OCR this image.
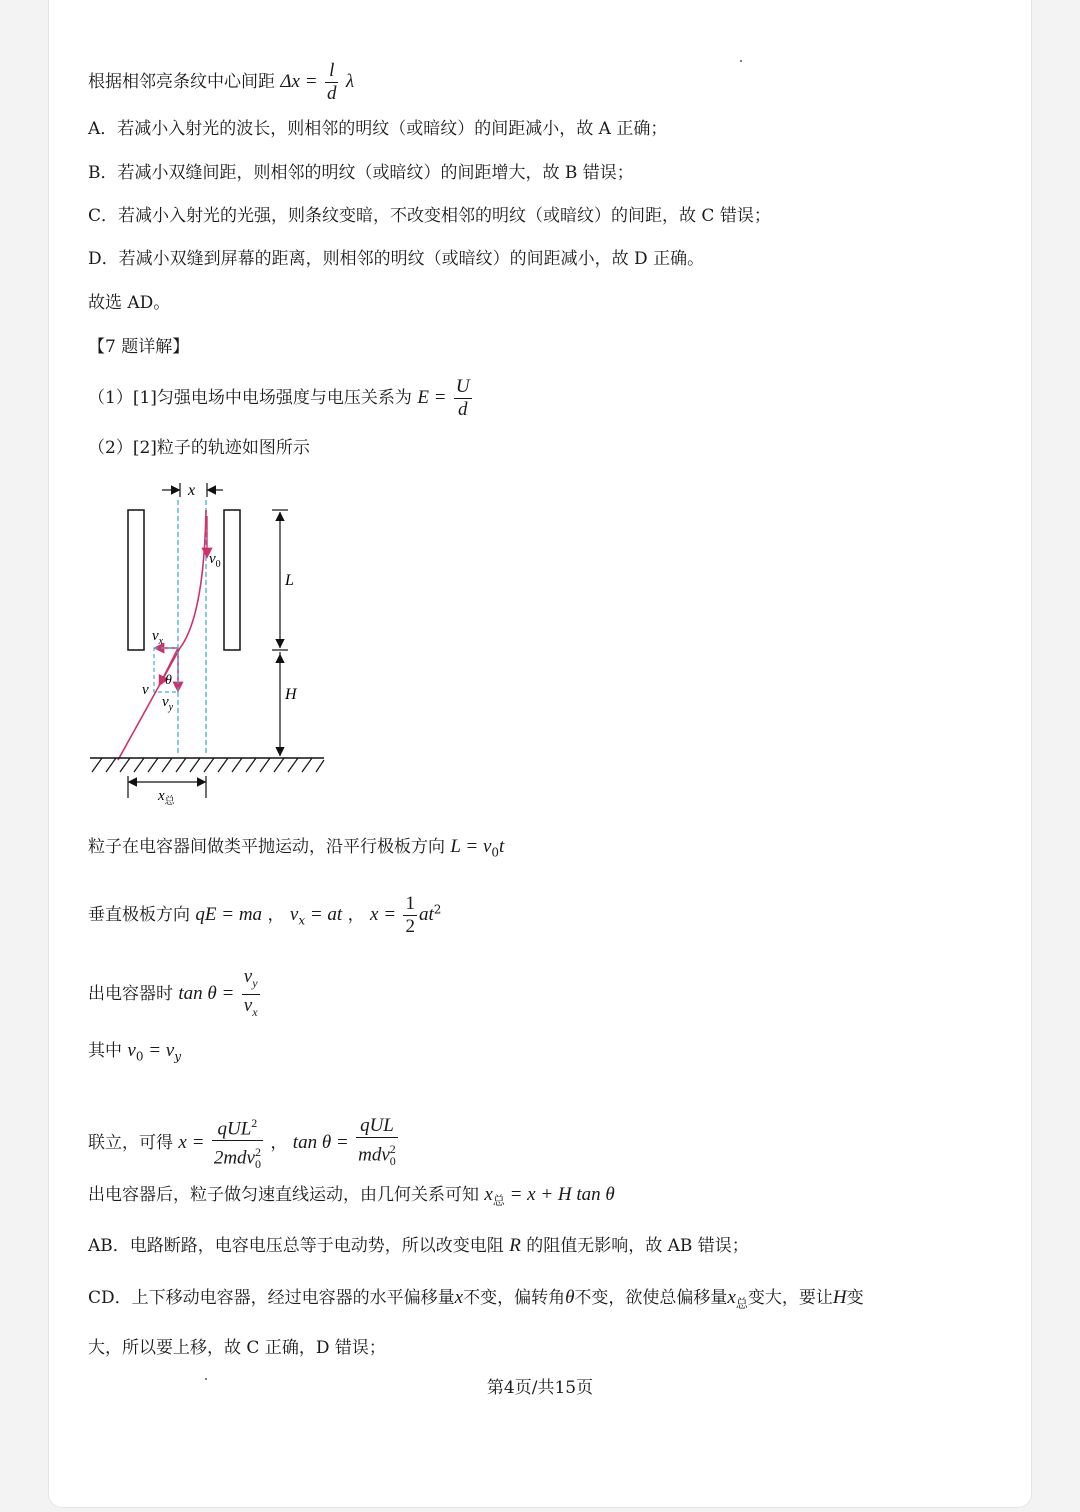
根据相邻亮条纹中心间距 $\Delta x = \frac{l}{d}$ λ
A．若减小入射光的波长，则相邻的明纹（或暗纹）的间距减小，故 A 正确；
B．若减小双缝间距，则相邻的明纹（或暗纹）的间距增大，故 B 错误；
C．若减小入射光的光强，则条纹变暗，不改变相邻的明纹（或暗纹）的间距，故 C 错误；
D．若减小双缝到屏幕的距离，则相邻的明纹（或暗纹）的间距减小，故 D 正确。
故选 AD。
【7 题详解】
（1）[1]匀强电场中电场强度与电压关系为 $E = \frac{U}{d}$
（2）[2]粒子的轨迹如图所示
x
$v_0$
$v_x$
θ
v
$v_y$
L
H
$x_总$
粒子在电容器间做类平抛运动，沿平行极板方向 $L = v_0t$
垂直极板方向 qE = ma ， $v_x$ = at ， $x = \frac{1}{2} at^2$
出电容器时 $\tan \theta = \frac{v_y}{v_x}$
其中 $v_0 = v_y$
联立，可得 $x = \frac{qUL^2}{2mdv^2_0}$ ， $\tan \theta = \frac{\text{qUL}}{mdv^2_0}$
出电容器后，粒子做匀速直线运动，由几何关系可知 $x_总 = x + H$ tan θ
AB．电路断路，电容电压总等于电动势，所以改变电阻 R 的阻值无影响，故 AB 错误；
CD．上下移动电容器，经过电容器的水平偏移量x不变，偏转角θ不变，欲使总偏移量$x_总$变大，要让H变
大，所以要上移，故 C 正确，D 错误；
第4页/共15页
